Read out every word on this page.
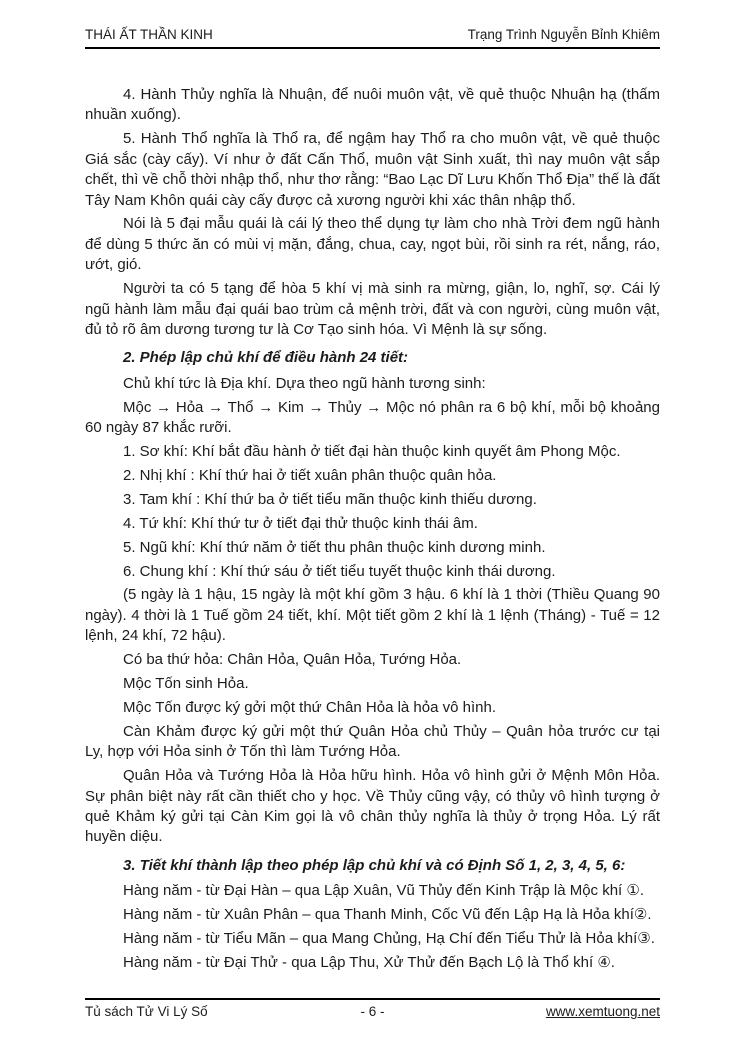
THÁI ẤT THẦN KINH	Trạng Trình Nguyễn Bỉnh Khiêm

4. Hành Thủy nghĩa là Nhuận, để nuôi muôn vật, về quẻ thuộc Nhuận hạ (thấm nhuần xuống).

5. Hành Thổ nghĩa là Thổ ra, để ngậm hay Thổ ra cho muôn vật, về quẻ thuộc Giá sắc (cày cấy). Ví như ở đất Cấn Thổ, muôn vật Sinh xuất, thì nay muôn vật sắp chết, thì về chỗ thời nhập thổ, như thơ rằng: “Bao Lạc Dĩ Lưu Khốn Thổ Địa” thế là đất Tây Nam Khôn quái cày cấy được cả xương người khi xác thân nhập thổ.

Nói là 5 đại mẫu quái là cái lý theo thể dụng tự làm cho nhà Trời đem ngũ hành để dùng 5 thức ăn có mùi vị mặn, đắng, chua, cay, ngọt bùi, rồi sinh ra rét, nắng, ráo, ướt, gió.

Người ta có 5 tạng để hòa 5 khí vị mà sinh ra mừng, giận, lo, nghĩ, sợ. Cái lý ngũ hành làm mẫu đại quái bao trùm cả mệnh trời, đất và con người, cùng muôn vật, đủ tỏ rõ âm dương tương tư là Cơ Tạo sinh hóa. Vì Mệnh là sự sống.

2. Phép lập chủ khí để điều hành 24 tiết:

Chủ khí tức là Địa khí. Dựa theo ngũ hành tương sinh:

Mộc → Hỏa → Thổ → Kim → Thủy → Mộc nó phân ra 6 bộ khí, mỗi bộ khoảng 60 ngày 87 khắc rưỡi.

1. Sơ khí: Khí bắt đầu hành ở tiết đại hàn thuộc kinh quyết âm Phong Mộc.

2. Nhị khí : Khí thứ hai ở tiết xuân phân thuộc quân hỏa.

3. Tam khí : Khí thứ ba ở tiết tiểu mãn thuộc kinh thiếu dương.

4. Tứ khí: Khí thứ tư ở tiết đại thử thuộc kinh thái âm.

5. Ngũ khí: Khí thứ năm ở tiết thu phân thuộc kinh dương minh.

6. Chung khí : Khí thứ sáu ở tiết tiểu tuyết thuộc kinh thái dương.

(5 ngày là 1 hậu, 15 ngày là một khí gồm 3 hậu. 6 khí là 1 thời (Thiều Quang 90 ngày). 4 thời là 1 Tuế gồm 24 tiết, khí. Một tiết gồm 2 khí là 1 lệnh (Tháng) - Tuế = 12 lệnh, 24 khí, 72 hậu).

Có ba thứ hỏa: Chân Hỏa, Quân Hỏa, Tướng Hỏa.

Mộc Tốn sinh Hỏa.

Mộc Tốn được ký gởi một thứ Chân Hỏa là hỏa vô hình.

Càn Khảm được ký gửi một thứ Quân Hỏa chủ Thủy – Quân hỏa trước cư tại Ly, hợp với Hỏa sinh ở Tốn thì làm Tướng Hỏa.

Quân Hỏa và Tướng Hỏa là Hỏa hữu hình. Hỏa vô hình gửi ở Mệnh Môn Hỏa. Sự phân biệt này rất cần thiết cho y học. Về Thủy cũng vậy, có thủy vô hình tượng ở quẻ Khảm ký gửi tại Càn Kim gọi là vô chân thủy nghĩa là thủy ở trọng Hỏa. Lý rất huyền diệu.

3. Tiết khí thành lập theo phép lập chủ khí và có Định Số 1, 2, 3, 4, 5, 6:

Hàng năm - từ Đại Hàn – qua Lập Xuân, Vũ Thủy đến Kinh Trập là Mộc khí ①.

Hàng năm - từ Xuân Phân – qua Thanh Minh, Cốc Vũ đến Lập Hạ là Hỏa khí②.

Hàng năm - từ Tiểu Mãn – qua Mang Chủng, Hạ Chí đến Tiểu Thử là Hỏa khí③.

Hàng năm - từ Đại Thử - qua Lập Thu, Xử Thử đến Bạch Lộ là Thổ khí ④.

Tủ sách Tử Vi Lý Số	- 6 -	www.xemtuong.net
